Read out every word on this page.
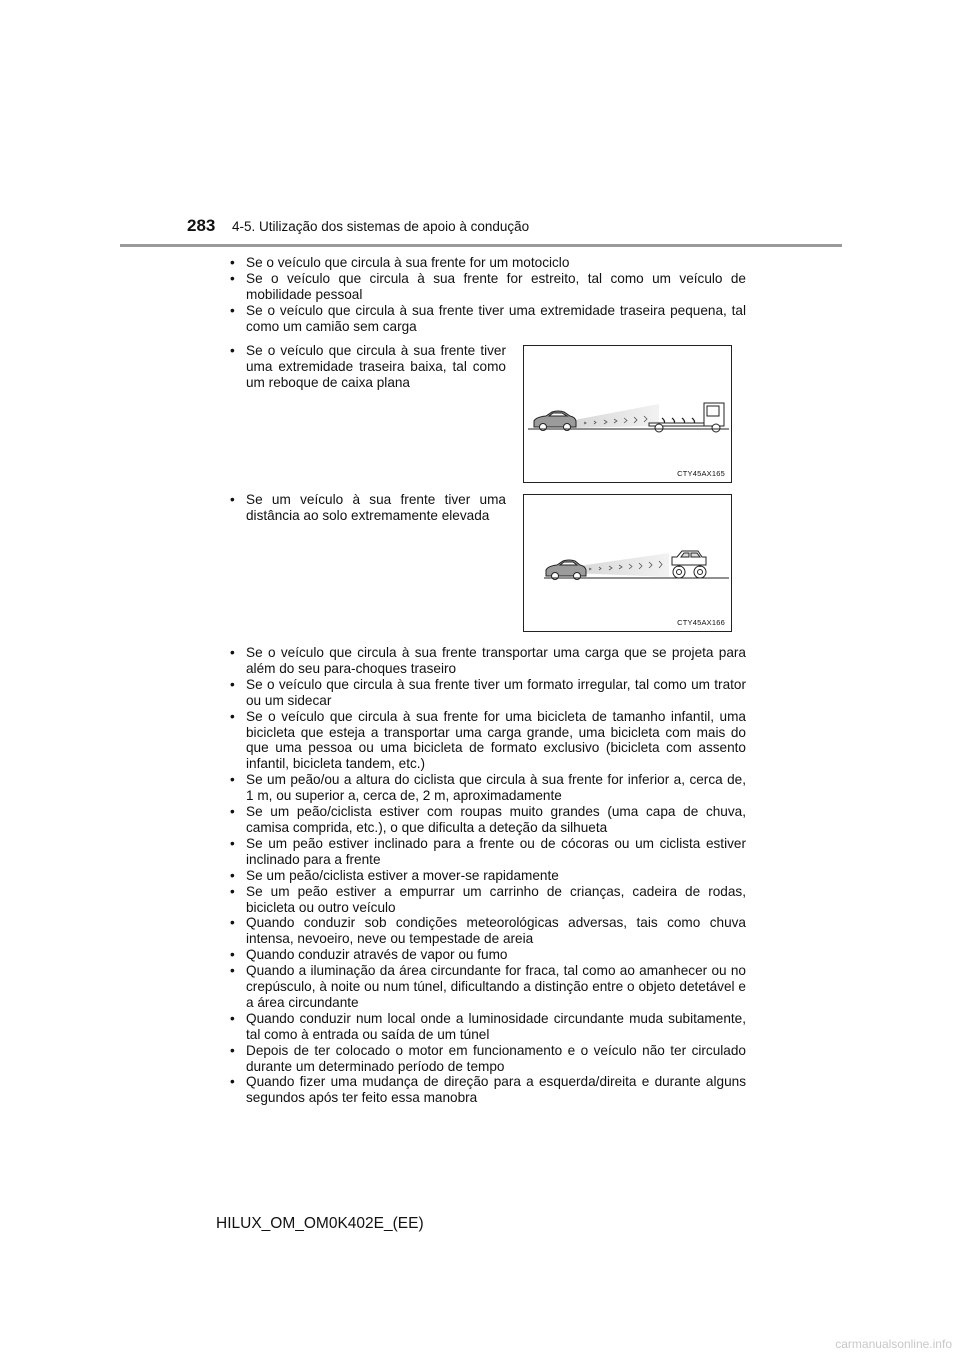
283 4-5. Utilização dos sistemas de apoio à condução
• Se o veículo que circula à sua frente for um motociclo
• Se o veículo que circula à sua frente for estreito, tal como um veículo de mobilidade pessoal
• Se o veículo que circula à sua frente tiver uma extremidade traseira pequena, tal como um camião sem carga
• Se o veículo que circula à sua frente tiver uma extremidade traseira baixa, tal como um reboque de caixa plana
CTY45AX165
• Se um veículo à sua frente tiver uma distância ao solo extremamente elevada
CTY45AX166
• Se o veículo que circula à sua frente transportar uma carga que se projeta para além do seu para-choques traseiro
• Se o veículo que circula à sua frente tiver um formato irregular, tal como um trator ou um sidecar
• Se o veículo que circula à sua frente for uma bicicleta de tamanho infantil, uma bicicleta que esteja a transportar uma carga grande, uma bicicleta com mais do que uma pessoa ou uma bicicleta de formato exclusivo (bicicleta com assento infantil, bicicleta tandem, etc.)
• Se um peão/ou a altura do ciclista que circula à sua frente for inferior a, cerca de, 1 m, ou superior a, cerca de, 2 m, aproximadamente
• Se um peão/ciclista estiver com roupas muito grandes (uma capa de chuva, camisa comprida, etc.), o que dificulta a deteção da silhueta
• Se um peão estiver inclinado para a frente ou de cócoras ou um ciclista estiver inclinado para a frente
• Se um peão/ciclista estiver a mover-se rapidamente
• Se um peão estiver a empurrar um carrinho de crianças, cadeira de rodas, bicicleta ou outro veículo
• Quando conduzir sob condições meteorológicas adversas, tais como chuva intensa, nevoeiro, neve ou tempestade de areia
• Quando conduzir através de vapor ou fumo
• Quando a iluminação da área circundante for fraca, tal como ao amanhecer ou no crepúsculo, à noite ou num túnel, dificultando a distinção entre o objeto detetável e a área circundante
• Quando conduzir num local onde a luminosidade circundante muda subitamente, tal como à entrada ou saída de um túnel
• Depois de ter colocado o motor em funcionamento e o veículo não ter circulado durante um determinado período de tempo
• Quando fizer uma mudança de direção para a esquerda/direita e durante alguns segundos após ter feito essa manobra
HILUX_OM_OM0K402E_(EE)
carmanualsonline.info
